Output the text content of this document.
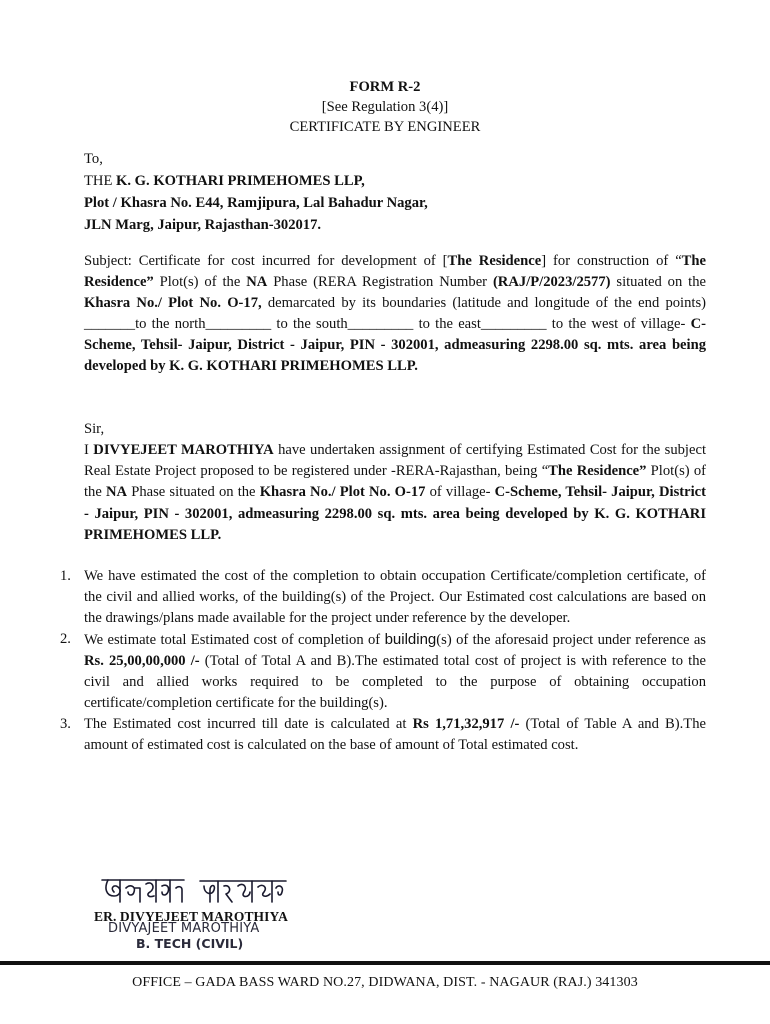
FORM R-2
[See Regulation 3(4)]
CERTIFICATE BY ENGINEER
To,
THE K. G. KOTHARI PRIMEHOMES LLP,
Plot / Khasra No. E44, Ramjipura, Lal Bahadur Nagar,
JLN Marg, Jaipur, Rajasthan-302017.
Subject: Certificate for cost incurred for development of [The Residence] for construction of “The Residence” Plot(s) of the NA Phase (RERA Registration Number (RAJ/P/2023/2577) situated on the Khasra No./ Plot No. O-17, demarcated by its boundaries (latitude and longitude of the end points) _______to the north_________ to the south_________ to the east_________ to the west of village- C-Scheme, Tehsil- Jaipur, District - Jaipur, PIN - 302001, admeasuring 2298.00 sq. mts. area being developed by K. G. KOTHARI PRIMEHOMES LLP.
Sir,
I DIVYEJEET MAROTHIYA have undertaken assignment of certifying Estimated Cost for the subject Real Estate Project proposed to be registered under -RERA-Rajasthan, being “The Residence” Plot(s) of the NA Phase situated on the Khasra No./ Plot No. O-17 of village- C-Scheme, Tehsil- Jaipur, District - Jaipur, PIN - 302001, admeasuring 2298.00 sq. mts. area being developed by K. G. KOTHARI PRIMEHOMES LLP.
1. We have estimated the cost of the completion to obtain occupation Certificate/completion certificate, of the civil and allied works, of the building(s) of the Project. Our Estimated cost calculations are based on the drawings/plans made available for the project under reference by the developer.
2. We estimate total Estimated cost of completion of building(s) of the aforesaid project under reference as Rs. 25,00,00,000 /- (Total of Total A and B).The estimated total cost of project is with reference to the civil and allied works required to be completed to the purpose of obtaining occupation certificate/completion certificate for the building(s).
3. The Estimated cost incurred till date is calculated at Rs 1,71,32,917 /- (Total of Table A and B).The amount of estimated cost is calculated on the base of amount of Total estimated cost.
ER. DIVYEJEET MAROTHIYA
DIVYAJEET MAROTHIYA
B. TECH (CIVIL)
OFFICE – GADA BASS WARD NO.27, DIDWANA, DIST. - NAGAUR (RAJ.) 341303
